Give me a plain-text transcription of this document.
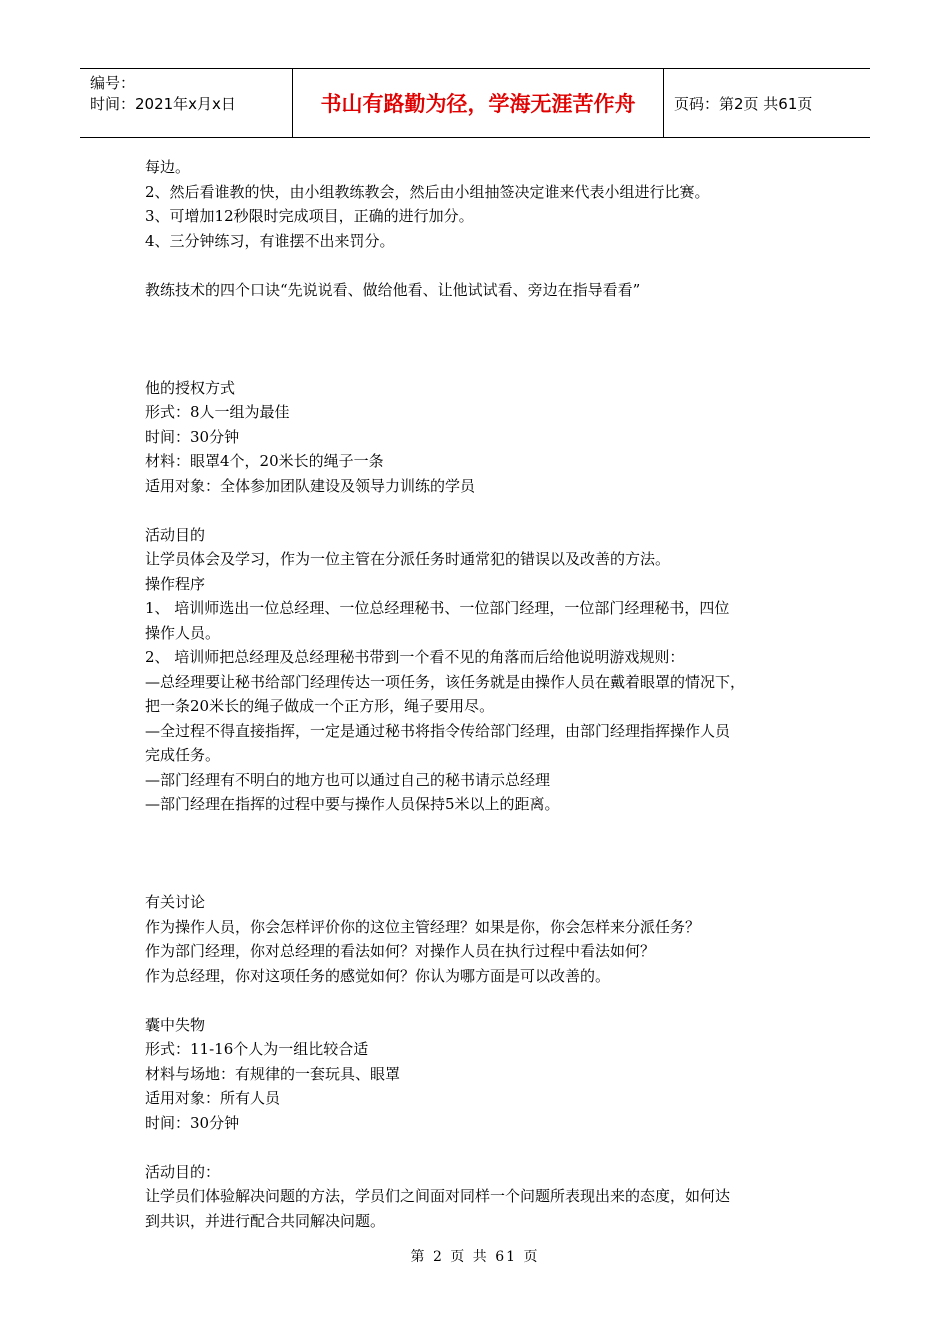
编号：
时间：2021年x月x日	书山有路勤为径，学海无涯苦作舟	页码：第2页 共61页

每边。

2、然后看谁教的快，由小组教练教会，然后由小组抽签决定谁来代表小组进行比赛。

3、可增加12秒限时完成项目，正确的进行加分。

4、三分钟练习，有谁摆不出来罚分。

教练技术的四个口诀“先说说看、做给他看、让他试试看、旁边在指导看看”

他的授权方式

形式：8人一组为最佳

时间：30分钟

材料：眼罩4个，20米长的绳子一条

适用对象：全体参加团队建设及领导力训练的学员

活动目的

让学员体会及学习，作为一位主管在分派任务时通常犯的错误以及改善的方法。

操作程序

1、 培训师选出一位总经理、一位总经理秘书、一位部门经理，一位部门经理秘书，四位

操作人员。

2、 培训师把总经理及总经理秘书带到一个看不见的角落而后给他说明游戏规则：

—总经理要让秘书给部门经理传达一项任务，该任务就是由操作人员在戴着眼罩的情况下，

把一条20米长的绳子做成一个正方形，绳子要用尽。

—全过程不得直接指挥，一定是通过秘书将指令传给部门经理，由部门经理指挥操作人员

完成任务。

—部门经理有不明白的地方也可以通过自己的秘书请示总经理

—部门经理在指挥的过程中要与操作人员保持5米以上的距离。

有关讨论

作为操作人员，你会怎样评价你的这位主管经理？如果是你，你会怎样来分派任务？

作为部门经理，你对总经理的看法如何？对操作人员在执行过程中看法如何？

作为总经理，你对这项任务的感觉如何？你认为哪方面是可以改善的。

囊中失物

形式：11-16个人为一组比较合适

材料与场地：有规律的一套玩具、眼罩

适用对象：所有人员

时间：30分钟

活动目的：

让学员们体验解决问题的方法，学员们之间面对同样一个问题所表现出来的态度，如何达

到共识，并进行配合共同解决问题。

第 2 页 共 61 页
